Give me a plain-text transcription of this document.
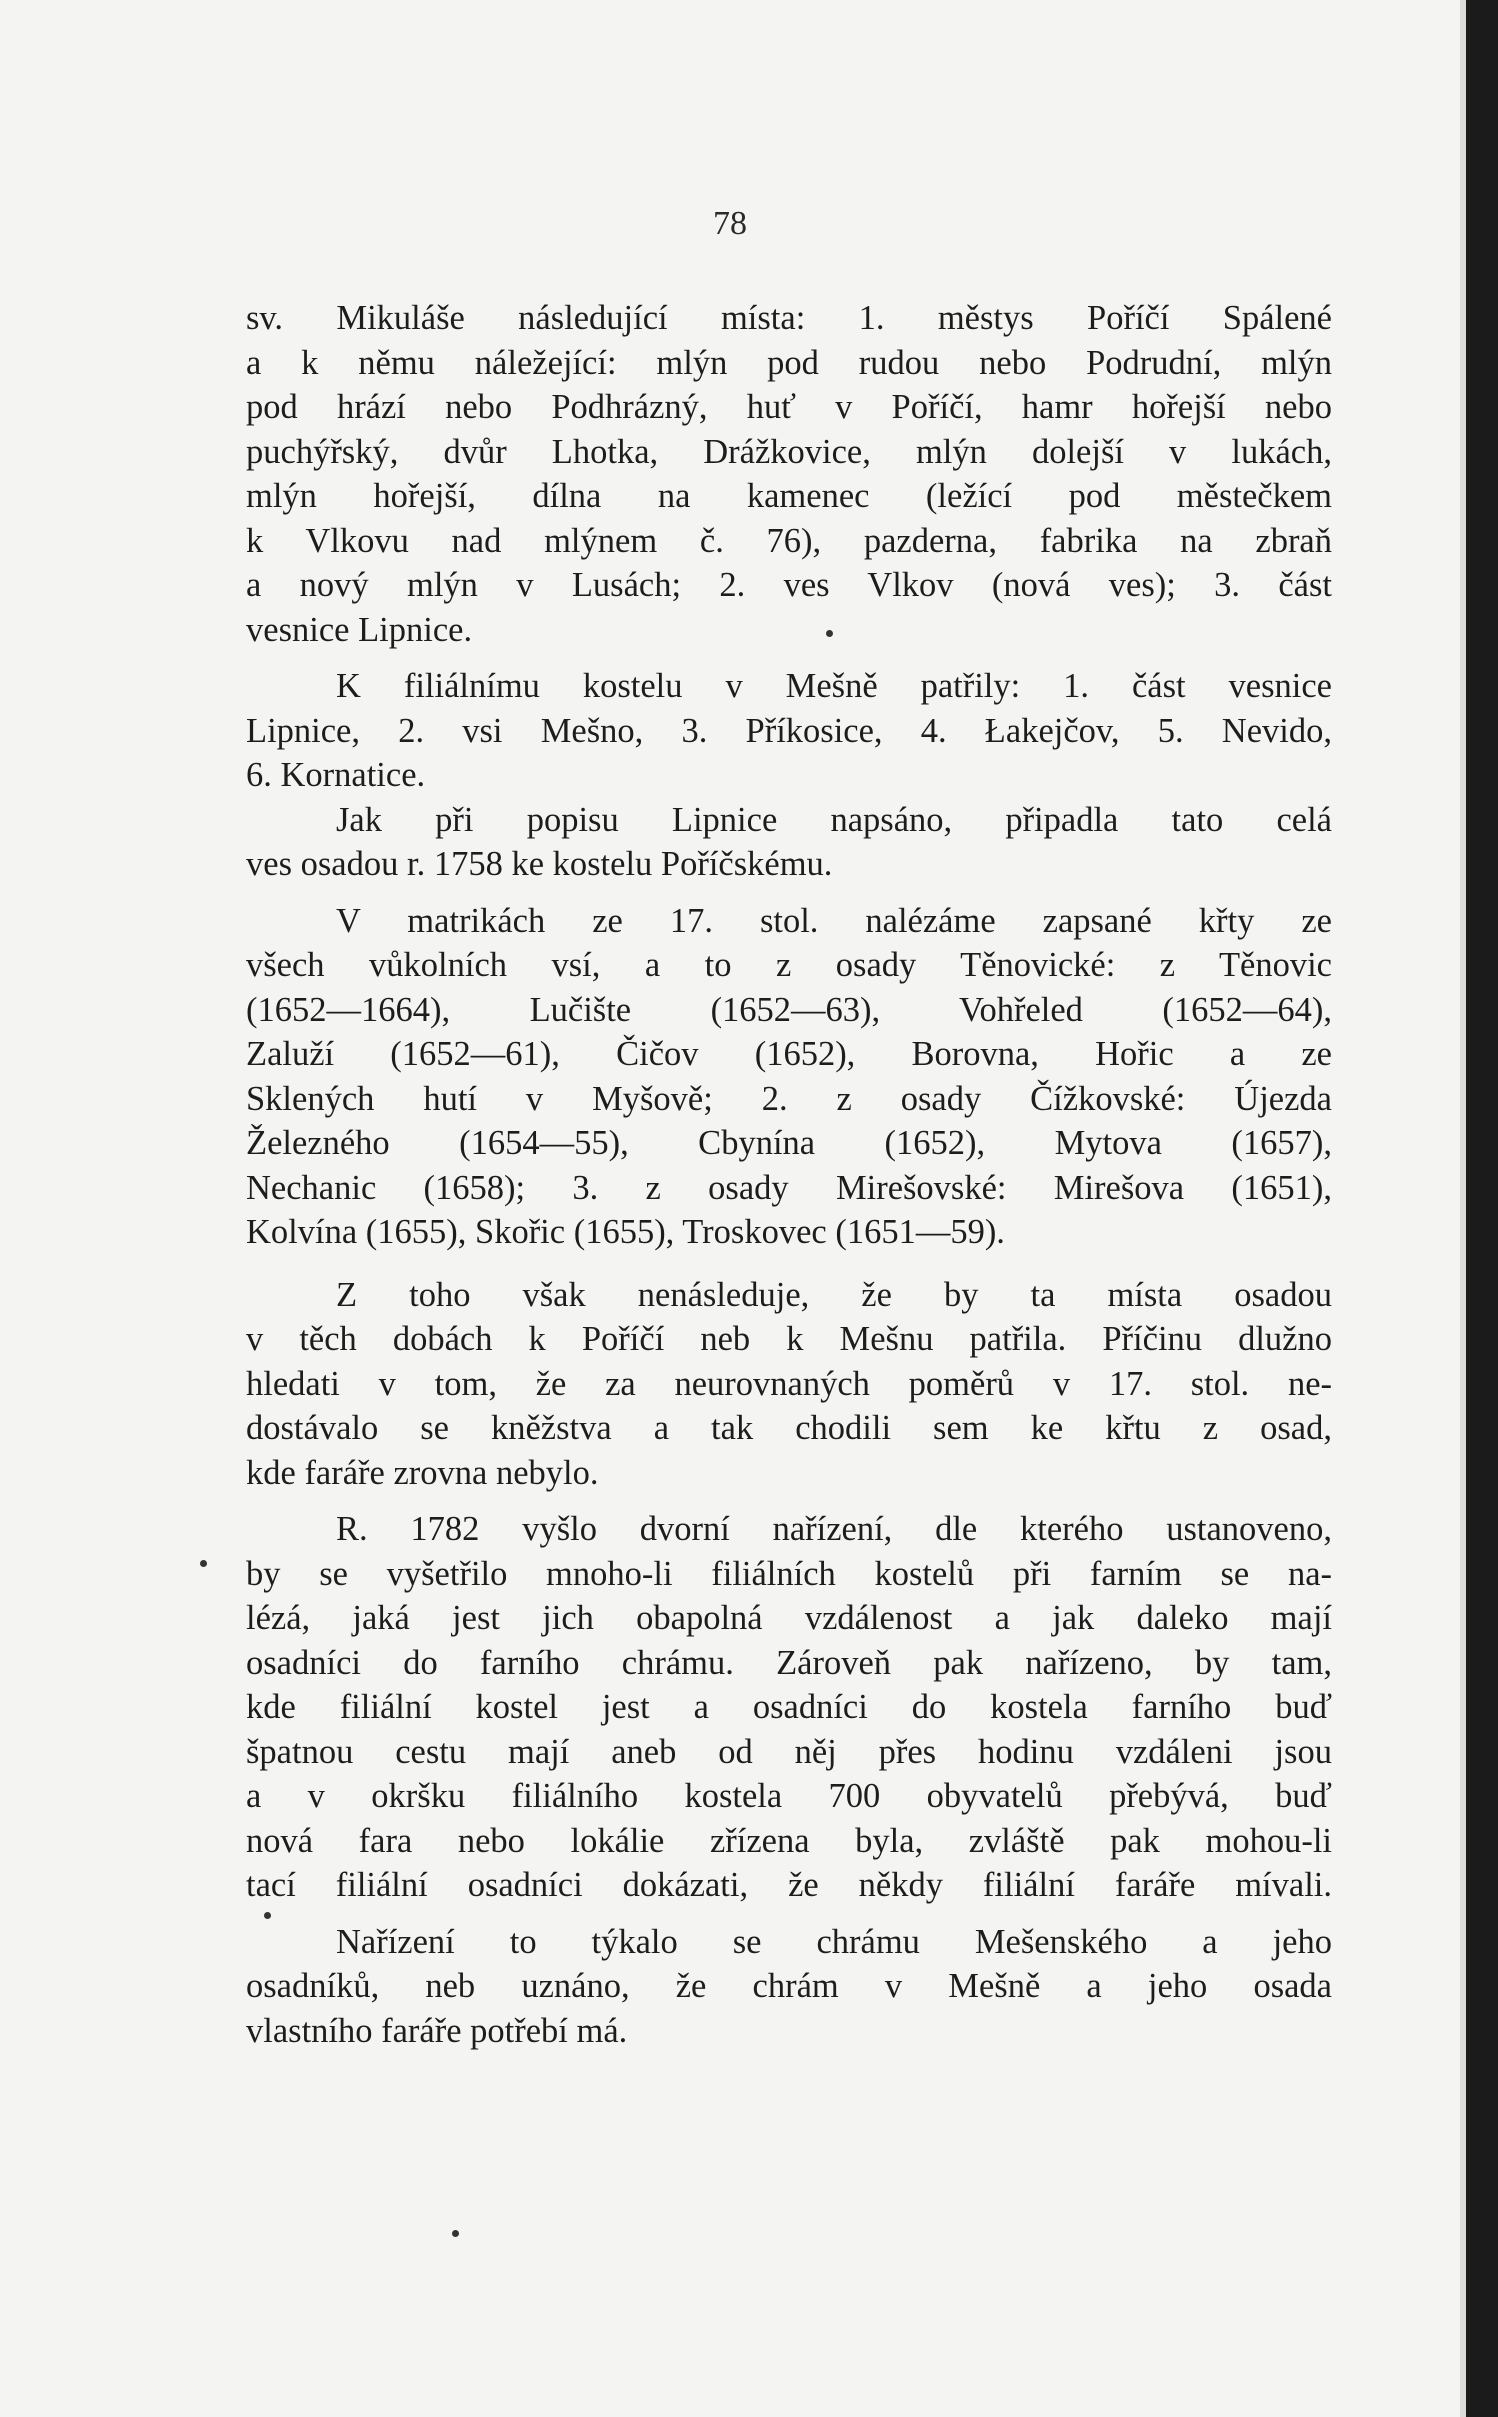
78
sv. Mikuláše následující místa: 1. městys Poříčí Spálené
a k němu náležející: mlýn pod rudou nebo Podrudní, mlýn
pod hrází nebo Podhrázný, huť v Poříčí, hamr hořejší nebo
puchýřský, dvůr Lhotka, Drážkovice, mlýn dolejší v lukách,
mlýn hořejší, dílna na kamenec (ležící pod městečkem
k Vlkovu nad mlýnem č. 76), pazderna, fabrika na zbraň
a nový mlýn v Lusách; 2. ves Vlkov (nová ves); 3. část
vesnice Lipnice.
K filiálnímu kostelu v Mešně patřily: 1. část vesnice
Lipnice, 2. vsi Mešno, 3. Příkosice, 4. Łakejčov, 5. Nevido,
6. Kornatice.
Jak při popisu Lipnice napsáno, připadla tato celá
ves osadou r. 1758 ke kostelu Poříčskému.
V matrikách ze 17. stol. nalézáme zapsané křty ze
všech vůkolních vsí, a to z osady Těnovické: z Těnovic
(1652—1664), Lučište (1652—63), Vohřeled (1652—64),
Zaluží (1652—61), Čičov (1652), Borovna, Hořic a ze
Sklených hutí v Myšově; 2. z osady Čížkovské: Újezda
Železného (1654—55), Cbynína (1652), Mytova (1657),
Nechanic (1658); 3. z osady Mirešovské: Mirešova (1651),
Kolvína (1655), Skořic (1655), Troskovec (1651—59).
Z toho však nenásleduje, že by ta místa osadou
v těch dobách k Poříčí neb k Mešnu patřila. Příčinu dlužno
hledati v tom, že za neurovnaných poměrů v 17. stol. ne-
dostávalo se kněžstva a tak chodili sem ke křtu z osad,
kde faráře zrovna nebylo.
R. 1782 vyšlo dvorní nařízení, dle kterého ustanoveno,
by se vyšetřilo mnoho-li filiálních kostelů při farním se na-
lézá, jaká jest jich obapolná vzdálenost a jak daleko mají
osadníci do farního chrámu. Zároveň pak nařízeno, by tam,
kde filiální kostel jest a osadníci do kostela farního buď
špatnou cestu mají aneb od něj přes hodinu vzdáleni jsou
a v okršku filiálního kostela 700 obyvatelů přebývá, buď
nová fara nebo lokálie zřízena byla, zvláště pak mohou-li
tací filiální osadníci dokázati, že někdy filiální faráře mívali.
Nařízení to týkalo se chrámu Mešenského a jeho
osadníků, neb uznáno, že chrám v Mešně a jeho osada
vlastního faráře potřebí má.
